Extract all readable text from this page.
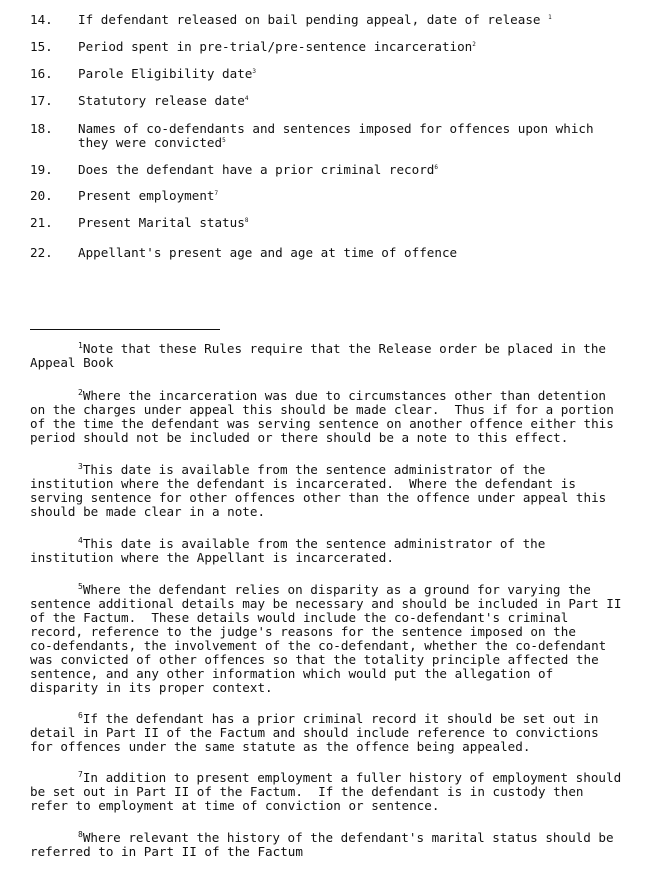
14.	If defendant released on bail pending appeal, date of release $^1$
15.	Period spent in pre-trial/pre-sentence incarceration$^2$
16.	Parole Eligibility date$^3$
17.	Statutory release date$^4$
18.	Names of co-defendants and sentences imposed for offences upon which
they were convicted$^5$
19.	Does the defendant have a prior criminal record$^6$
20.	Present employment$^7$
21.	Present Marital status$^8$
22.	Appellant's present age and age at time of offence
$^1$Note that these Rules require that the Release order be placed in the
Appeal Book
$^2$Where the incarceration was due to circumstances other than detention
on the charges under appeal this should be made clear.  Thus if for a portion
of the time the defendant was serving sentence on another offence either this
period should not be included or there should be a note to this effect.
$^3$This date is available from the sentence administrator of the
institution where the defendant is incarcerated.  Where the defendant is
serving sentence for other offences other than the offence under appeal this
should be made clear in a note.
$^4$This date is available from the sentence administrator of the
institution where the Appellant is incarcerated.
$^5$Where the defendant relies on disparity as a ground for varying the
sentence additional details may be necessary and should be included in Part II
of the Factum.  These details would include the co-defendant's criminal
record, reference to the judge's reasons for the sentence imposed on the
co-defendants, the involvement of the co-defendant, whether the co-defendant
was convicted of other offences so that the totality principle affected the
sentence, and any other information which would put the allegation of
disparity in its proper context.
$^6$If the defendant has a prior criminal record it should be set out in
detail in Part II of the Factum and should include reference to convictions
for offences under the same statute as the offence being appealed.
$^7$In addition to present employment a fuller history of employment should
be set out in Part II of the Factum.  If the defendant is in custody then
refer to employment at time of conviction or sentence.
$^8$Where relevant the history of the defendant's marital status should be
referred to in Part II of the Factum
